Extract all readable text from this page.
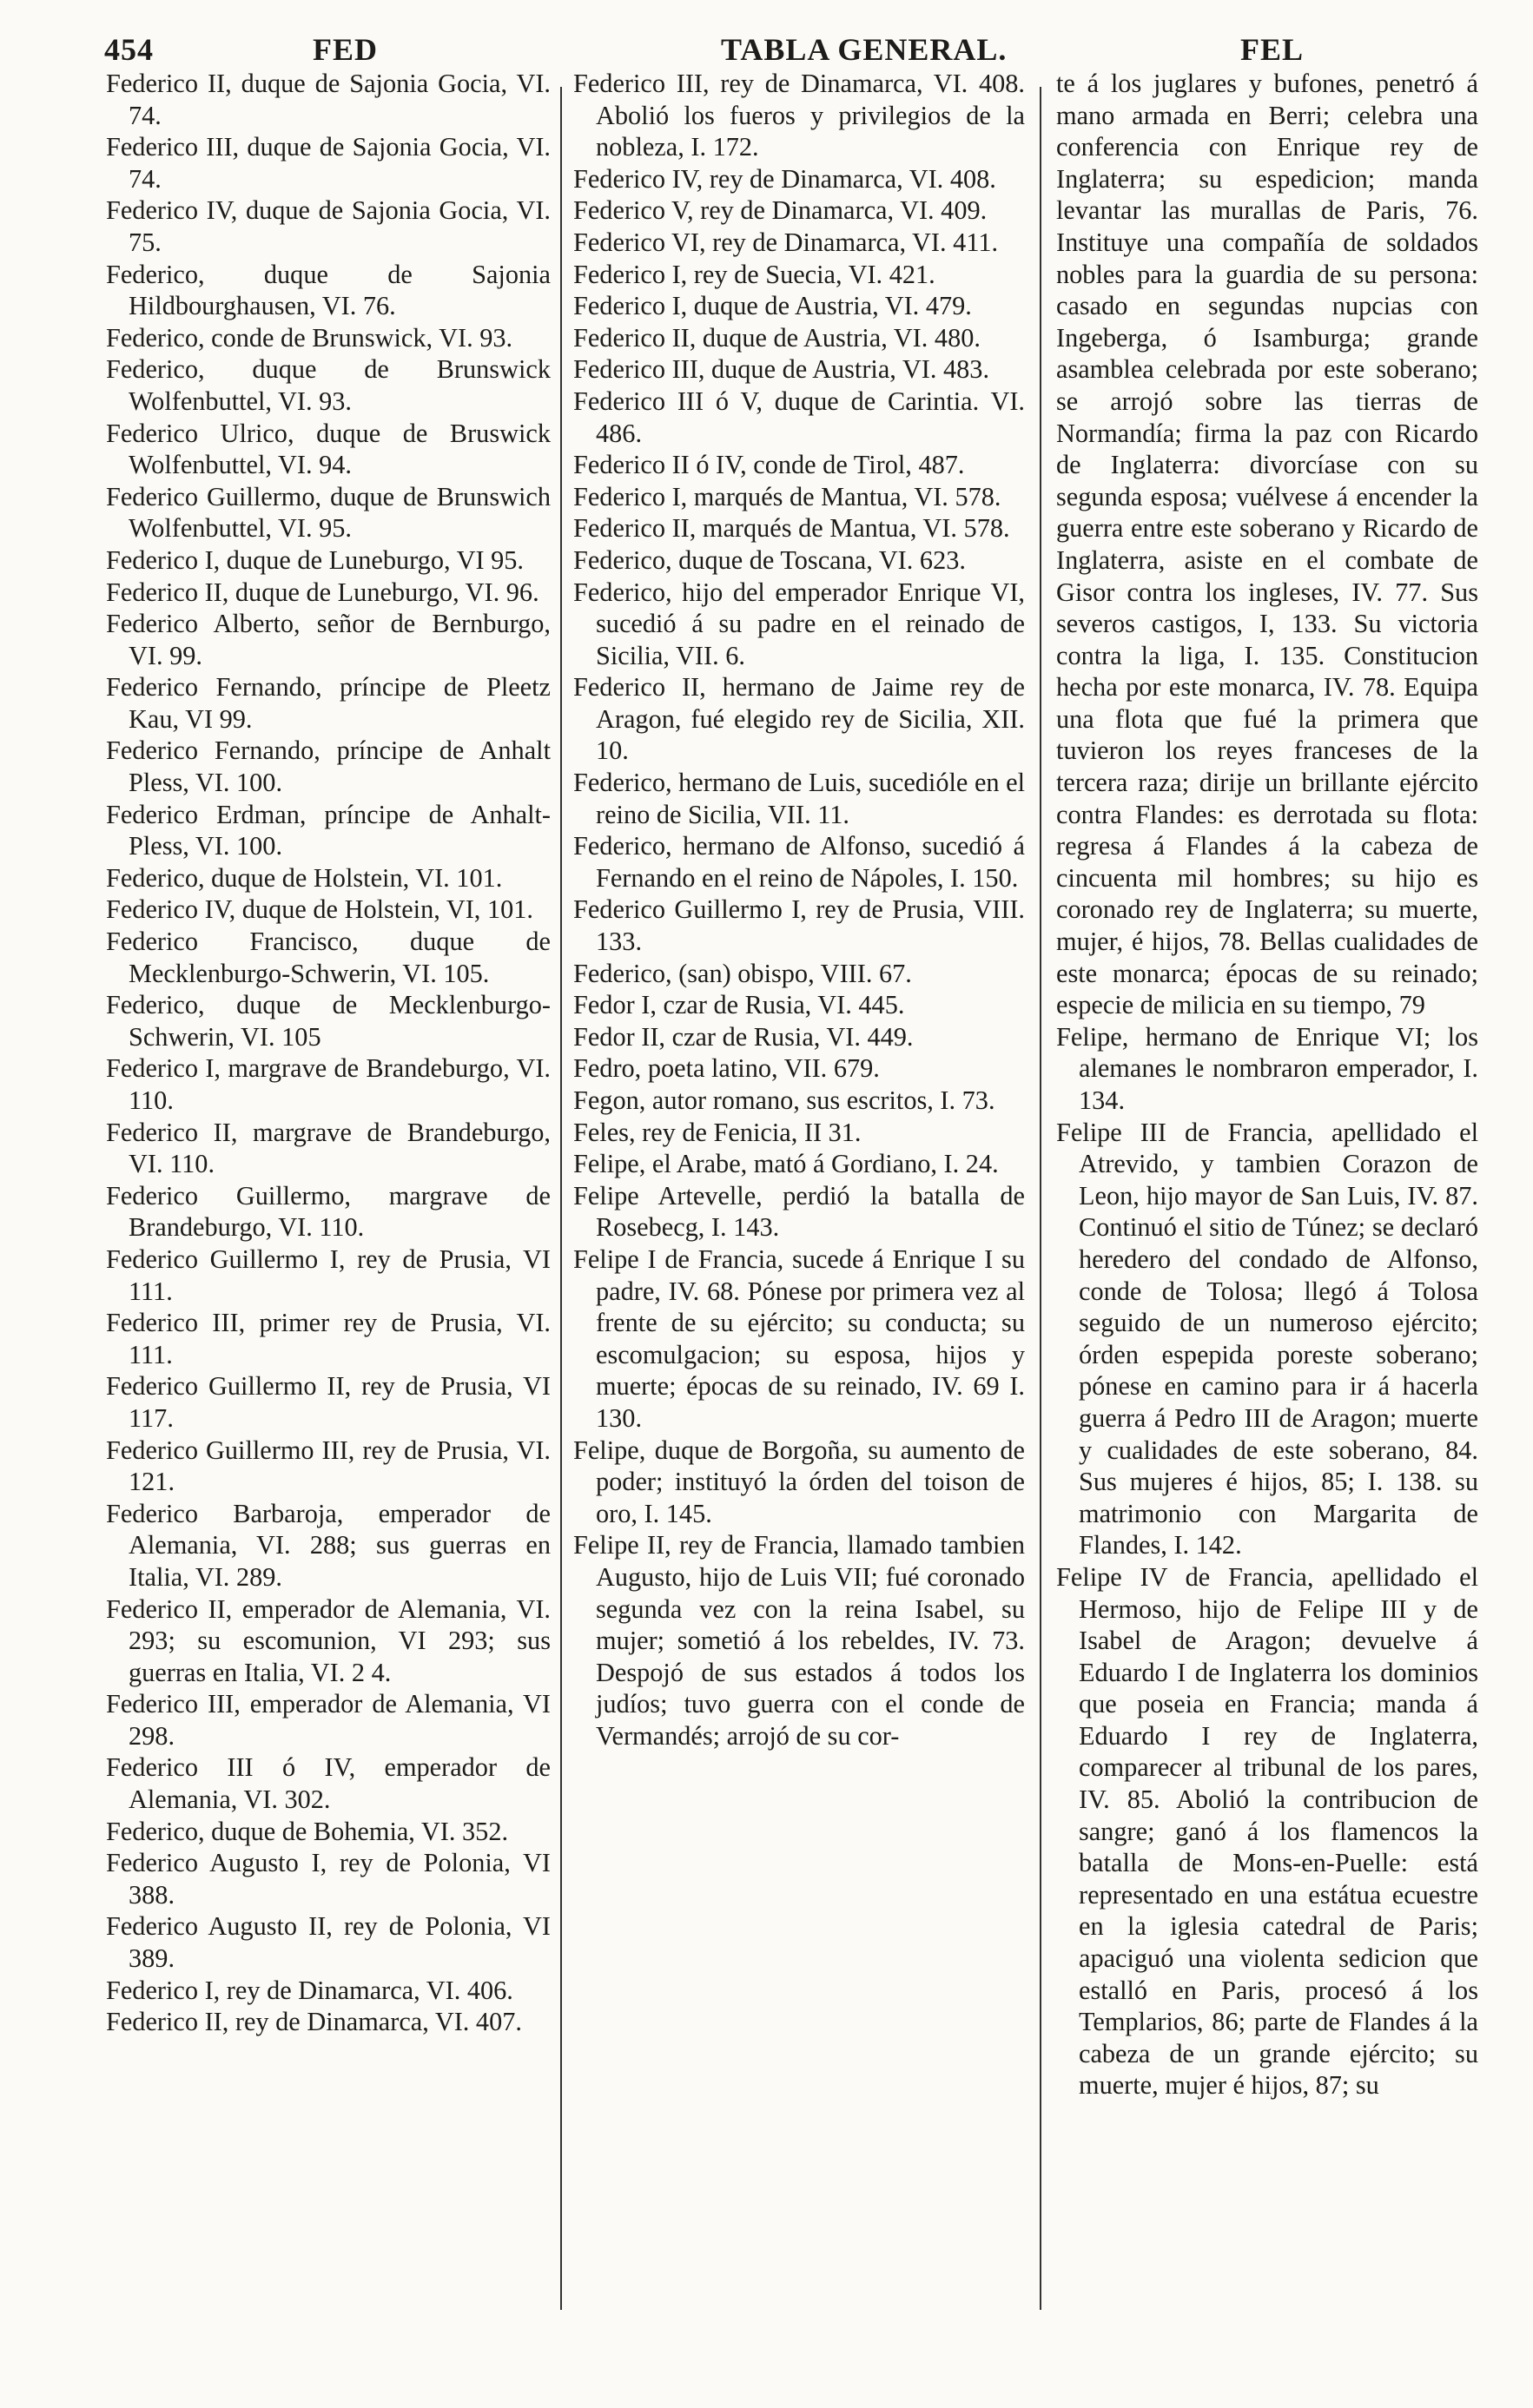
454	FED	TABLA GENERAL.	FEL

Federico II, duque de Sajonia Gocia, VI. 74.

Federico III, duque de Sajonia Gocia, VI. 74.

Federico IV, duque de Sajonia Gocia, VI. 75.

Federico, duque de Sajonia Hildbourghausen, VI. 76.

Federico, conde de Brunswick, VI. 93.

Federico, duque de Brunswick Wolfenbuttel, VI. 93.

Federico Ulrico, duque de Bruswick Wolfenbuttel, VI. 94.

Federico Guillermo, duque de Brunswich Wolfenbuttel, VI. 95.

Federico I, duque de Luneburgo, VI 95.

Federico II, duque de Luneburgo, VI. 96.

Federico Alberto, señor de Bernburgo, VI. 99.

Federico Fernando, príncipe de Pleetz Kau, VI 99.

Federico Fernando, príncipe de Anhalt Pless, VI. 100.

Federico Erdman, príncipe de Anhalt-Pless, VI. 100.

Federico, duque de Holstein, VI. 101.

Federico IV, duque de Holstein, VI, 101.

Federico Francisco, duque de Mecklenburgo-Schwerin, VI. 105.

Federico, duque de Mecklenburgo-Schwerin, VI. 105

Federico I, margrave de Brandeburgo, VI. 110.

Federico II, margrave de Brandeburgo, VI. 110.

Federico Guillermo, margrave de Brandeburgo, VI. 110.

Federico Guillermo I, rey de Prusia, VI 111.

Federico III, primer rey de Prusia, VI. 111.

Federico Guillermo II, rey de Prusia, VI 117.

Federico Guillermo III, rey de Prusia, VI. 121.

Federico Barbaroja, emperador de Alemania, VI. 288; sus guerras en Italia, VI. 289.

Federico II, emperador de Alemania, VI. 293; su escomunion, VI 293; sus guerras en Italia, VI. 2 4.

Federico III, emperador de Alemania, VI 298.

Federico III ó IV, emperador de Alemania, VI. 302.

Federico, duque de Bohemia, VI. 352.

Federico Augusto I, rey de Polonia, VI 388.

Federico Augusto II, rey de Polonia, VI 389.

Federico I, rey de Dinamarca, VI. 406.

Federico II, rey de Dinamarca, VI. 407.

Federico III, rey de Dinamarca, VI. 408. Abolió los fueros y privilegios de la nobleza, I. 172.

Federico IV, rey de Dinamarca, VI. 408.

Federico V, rey de Dinamarca, VI. 409.

Federico VI, rey de Dinamarca, VI. 411.

Federico I, rey de Suecia, VI. 421.

Federico I, duque de Austria, VI. 479.

Federico II, duque de Austria, VI. 480.

Federico III, duque de Austria, VI. 483.

Federico III ó V, duque de Carintia. VI. 486.

Federico II ó IV, conde de Tirol, 487.

Federico I, marqués de Mantua, VI. 578.

Federico II, marqués de Mantua, VI. 578.

Federico, duque de Toscana, VI. 623.

Federico, hijo del emperador Enrique VI, sucedió á su padre en el reinado de Sicilia, VII. 6.

Federico II, hermano de Jaime rey de Aragon, fué elegido rey de Sicilia, XII. 10.

Federico, hermano de Luis, sucedióle en el reino de Sicilia, VII. 11.

Federico, hermano de Alfonso, sucedió á Fernando en el reino de Nápoles, I. 150.

Federico Guillermo I, rey de Prusia, VIII. 133.

Federico, (san) obispo, VIII. 67.

Fedor I, czar de Rusia, VI. 445.

Fedor II, czar de Rusia, VI. 449.

Fedro, poeta latino, VII. 679.

Fegon, autor romano, sus escritos, I. 73.

Feles, rey de Fenicia, II 31.

Felipe, el Arabe, mató á Gordiano, I. 24.

Felipe Artevelle, perdió la batalla de Rosebecg, I. 143.

Felipe I de Francia, sucede á Enrique I su padre, IV. 68. Pónese por primera vez al frente de su ejército; su conducta; su escomulgacion; su esposa, hijos y muerte; épocas de su reinado, IV. 69 I. 130.

Felipe, duque de Borgoña, su aumento de poder; instituyó la órden del toison de oro, I. 145.

Felipe II, rey de Francia, llamado tambien Augusto, hijo de Luis VII; fué coronado segunda vez con la reina Isabel, su mujer; sometió á los rebeldes, IV. 73. Despojó de sus estados á todos los judíos; tuvo guerra con el conde de Vermandés; arrojó de su cor-

te á los juglares y bufones, penetró á mano armada en Berri; celebra una conferencia con Enrique rey de Inglaterra; su espedicion; manda levantar las murallas de Paris, 76. Instituye una compañía de soldados nobles para la guardia de su persona: casado en segundas nupcias con Ingeberga, ó Isamburga; grande asamblea celebrada por este soberano; se arrojó sobre las tierras de Normandía; firma la paz con Ricardo de Inglaterra: divorcíase con su segunda esposa; vuélvese á encender la guerra entre este soberano y Ricardo de Inglaterra, asiste en el combate de Gisor contra los ingleses, IV. 77. Sus severos castigos, I, 133. Su victoria contra la liga, I. 135. Constitucion hecha por este monarca, IV. 78. Equipa una flota que fué la primera que tuvieron los reyes franceses de la tercera raza; dirije un brillante ejército contra Flandes: es derrotada su flota: regresa á Flandes á la cabeza de cincuenta mil hombres; su hijo es coronado rey de Inglaterra; su muerte, mujer, é hijos, 78. Bellas cualidades de este monarca; épocas de su reinado; especie de milicia en su tiempo, 79

Felipe, hermano de Enrique VI; los alemanes le nombraron emperador, I. 134.

Felipe III de Francia, apellidado el Atrevido, y tambien Corazon de Leon, hijo mayor de San Luis, IV. 87. Continuó el sitio de Túnez; se declaró heredero del condado de Alfonso, conde de Tolosa; llegó á Tolosa seguido de un numeroso ejército; órden espepida poreste soberano; pónese en camino para ir á hacerla guerra á Pedro III de Aragon; muerte y cualidades de este soberano, 84. Sus mujeres é hijos, 85; I. 138. su matrimonio con Margarita de Flandes, I. 142.

Felipe IV de Francia, apellidado el Hermoso, hijo de Felipe III y de Isabel de Aragon; devuelve á Eduardo I de Inglaterra los dominios que poseia en Francia; manda á Eduardo I rey de Inglaterra, comparecer al tribunal de los pares, IV. 85. Abolió la contribucion de sangre; ganó á los flamencos la batalla de Mons-en-Puelle: está representado en una estátua ecuestre en la iglesia catedral de Paris; apaciguó una violenta sedicion que estalló en Paris, procesó á los Templarios, 86; parte de Flandes á la cabeza de un grande ejército; su muerte, mujer é hijos, 87; su
